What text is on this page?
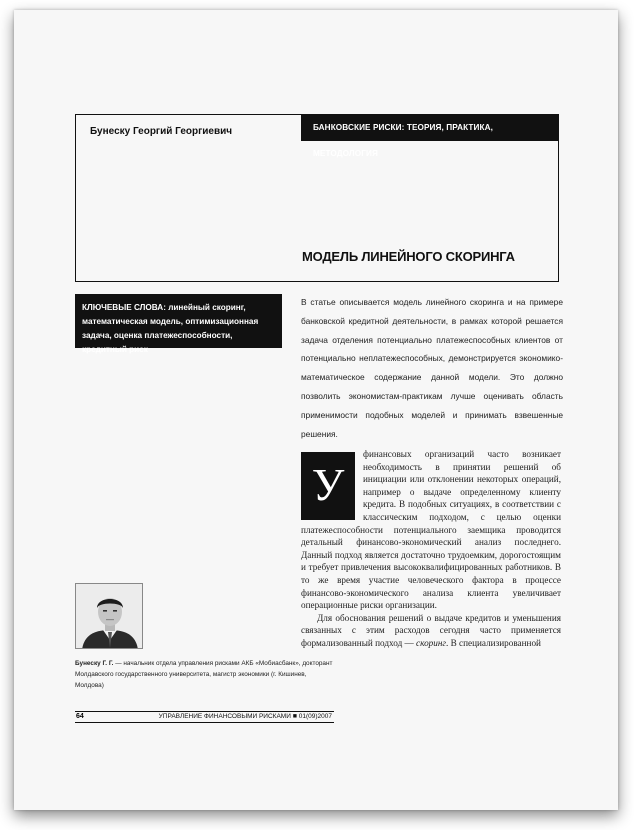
Бунеску Георгий Георгиевич	БАНКОВСКИЕ РИСКИ: ТЕОРИЯ, ПРАКТИКА, МЕТОДОЛОГИЯ
МОДЕЛЬ ЛИНЕЙНОГО СКОРИНГА
КЛЮЧЕВЫЕ СЛОВА: линейный скоринг, математическая модель, оптимизационная задача, оценка платежеспособности, кредитный риск
В статье описывается модель линейного скоринга и на примере банковской кредитной деятельности, в рамках которой решается задача отделения потенциально платежеспособных клиентов от потенциально неплатежеспособных, демонстрируется экономико-математическое содержание данной модели. Это должно позволить экономистам-практикам лучше оценивать область применимости подобных моделей и принимать взвешенные решения.
У

финансовых организаций часто возникает необходимость в принятии решений об инициации или отклонении некоторых операций, например о выдаче определенному клиенту кредита. В подобных ситуациях, в соответствии с классическим подходом, с целью оценки платежеспособности потенциального заемщика проводится детальный финансово-экономический анализ последнего. Данный подход является достаточно трудоемким, дорогостоящим и требует привлечения высококвалифицированных работников. В то же время участие человеческого фактора в процессе финансово-экономического анализа клиента увеличивает операционные риски организации.

Для обоснования решений о выдаче кредитов и уменьшения связанных с этим расходов сегодня часто применяется формализованный подход — скоринг. В специализированной

Бунеску Г. Г. — начальник отдела управления рисками АКБ «Мобиасбанк», докторант Молдавского государственного университета, магистр экономики (г. Кишинев, Молдова)
64	УПРАВЛЕНИЕ ФИНАНСОВЫМИ РИСКАМИ ■ 01(09)2007
